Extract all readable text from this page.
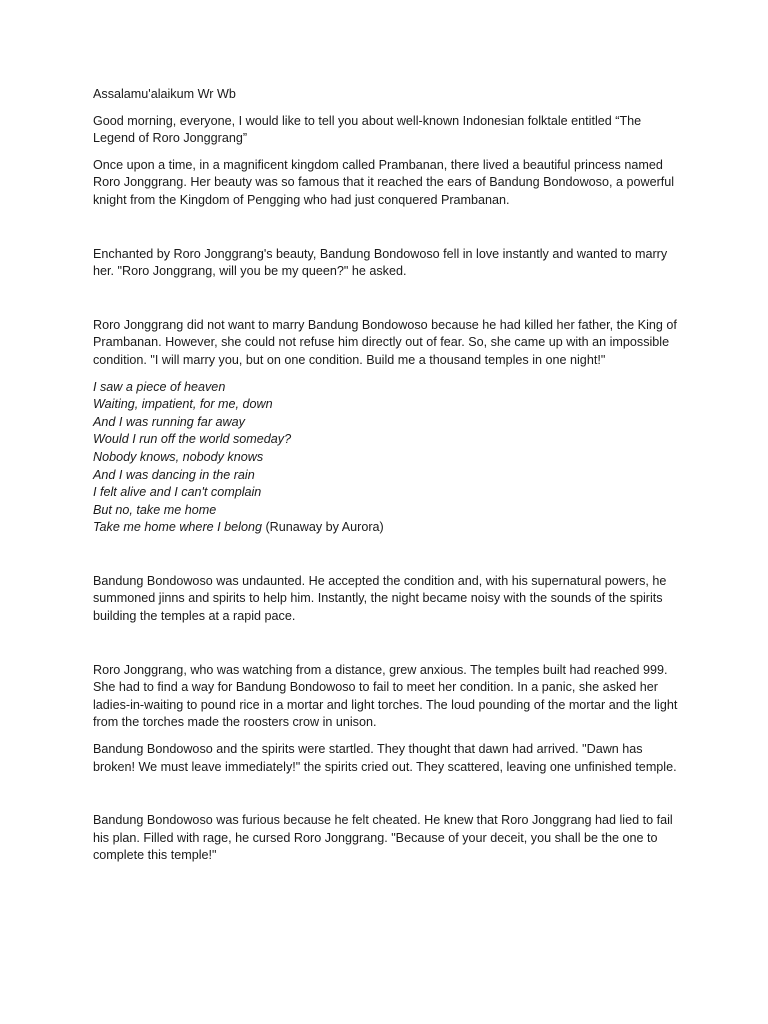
Assalamu'alaikum Wr Wb

Good morning, everyone, I would like to tell you about well-known Indonesian folktale entitled “The Legend of Roro Jonggrang”

Once upon a time, in a magnificent kingdom called Prambanan, there lived a beautiful princess named Roro Jonggrang. Her beauty was so famous that it reached the ears of Bandung Bondowoso, a powerful knight from the Kingdom of Pengging who had just conquered Prambanan.

Enchanted by Roro Jonggrang's beauty, Bandung Bondowoso fell in love instantly and wanted to marry her. "Roro Jonggrang, will you be my queen?" he asked.

Roro Jonggrang did not want to marry Bandung Bondowoso because he had killed her father, the King of Prambanan. However, she could not refuse him directly out of fear. So, she came up with an impossible condition. "I will marry you, but on one condition. Build me a thousand temples in one night!"

I saw a piece of heaven

Waiting, impatient, for me, down

And I was running far away

Would I run off the world someday?

Nobody knows, nobody knows

And I was dancing in the rain

I felt alive and I can't complain

But no, take me home

Take me home where I belong (Runaway by Aurora)

Bandung Bondowoso was undaunted. He accepted the condition and, with his supernatural powers, he summoned jinns and spirits to help him. Instantly, the night became noisy with the sounds of the spirits building the temples at a rapid pace.

Roro Jonggrang, who was watching from a distance, grew anxious. The temples built had reached 999. She had to find a way for Bandung Bondowoso to fail to meet her condition. In a panic, she asked her ladies-in-waiting to pound rice in a mortar and light torches. The loud pounding of the mortar and the light from the torches made the roosters crow in unison.

Bandung Bondowoso and the spirits were startled. They thought that dawn had arrived. "Dawn has broken! We must leave immediately!" the spirits cried out. They scattered, leaving one unfinished temple.

Bandung Bondowoso was furious because he felt cheated. He knew that Roro Jonggrang had lied to fail his plan. Filled with rage, he cursed Roro Jonggrang. "Because of your deceit, you shall be the one to complete this temple!"
